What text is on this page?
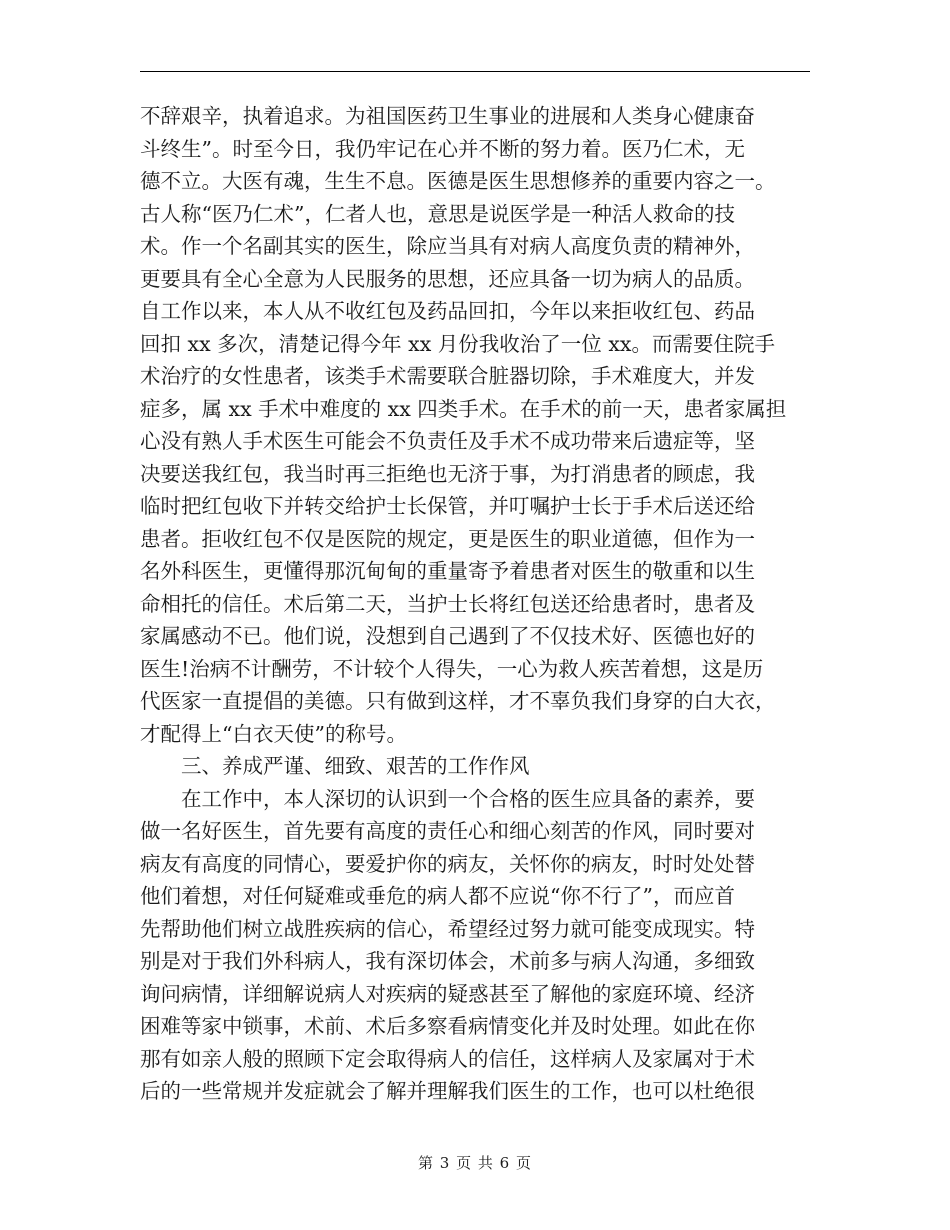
不辞艰辛，执着追求。为祖国医药卫生事业的进展和人类身心健康奋
斗终生”。时至今日，我仍牢记在心并不断的努力着。医乃仁术，无
德不立。大医有魂，生生不息。医德是医生思想修养的重要内容之一。
古人称“医乃仁术”，仁者人也，意思是说医学是一种活人救命的技
术。作一个名副其实的医生，除应当具有对病人高度负责的精神外，
更要具有全心全意为人民服务的思想，还应具备一切为病人的品质。
自工作以来，本人从不收红包及药品回扣，今年以来拒收红包、药品
回扣 xx 多次，清楚记得今年 xx 月份我收治了一位 xx。而需要住院手
术治疗的女性患者，该类手术需要联合脏器切除，手术难度大，并发
症多，属 xx 手术中难度的 xx 四类手术。在手术的前一天，患者家属担
心没有熟人手术医生可能会不负责任及手术不成功带来后遗症等，坚
决要送我红包，我当时再三拒绝也无济于事，为打消患者的顾虑，我
临时把红包收下并转交给护士长保管，并叮嘱护士长于手术后送还给
患者。拒收红包不仅是医院的规定，更是医生的职业道德，但作为一
名外科医生，更懂得那沉甸甸的重量寄予着患者对医生的敬重和以生
命相托的信任。术后第二天，当护士长将红包送还给患者时，患者及
家属感动不已。他们说，没想到自己遇到了不仅技术好、医德也好的
医生!治病不计酬劳，不计较个人得失，一心为救人疾苦着想，这是历
代医家一直提倡的美德。只有做到这样，才不辜负我们身穿的白大衣，
才配得上“白衣天使”的称号。
三、养成严谨、细致、艰苦的工作作风
在工作中，本人深切的认识到一个合格的医生应具备的素养，要
做一名好医生，首先要有高度的责任心和细心刻苦的作风，同时要对
病友有高度的同情心，要爱护你的病友，关怀你的病友，时时处处替
他们着想，对任何疑难或垂危的病人都不应说“你不行了”，而应首
先帮助他们树立战胜疾病的信心，希望经过努力就可能变成现实。特
别是对于我们外科病人，我有深切体会，术前多与病人沟通，多细致
询问病情，详细解说病人对疾病的疑惑甚至了解他的家庭环境、经济
困难等家中锁事，术前、术后多察看病情变化并及时处理。如此在你
那有如亲人般的照顾下定会取得病人的信任，这样病人及家属对于术
后的一些常规并发症就会了解并理解我们医生的工作，也可以杜绝很
第 3 页 共 6 页
